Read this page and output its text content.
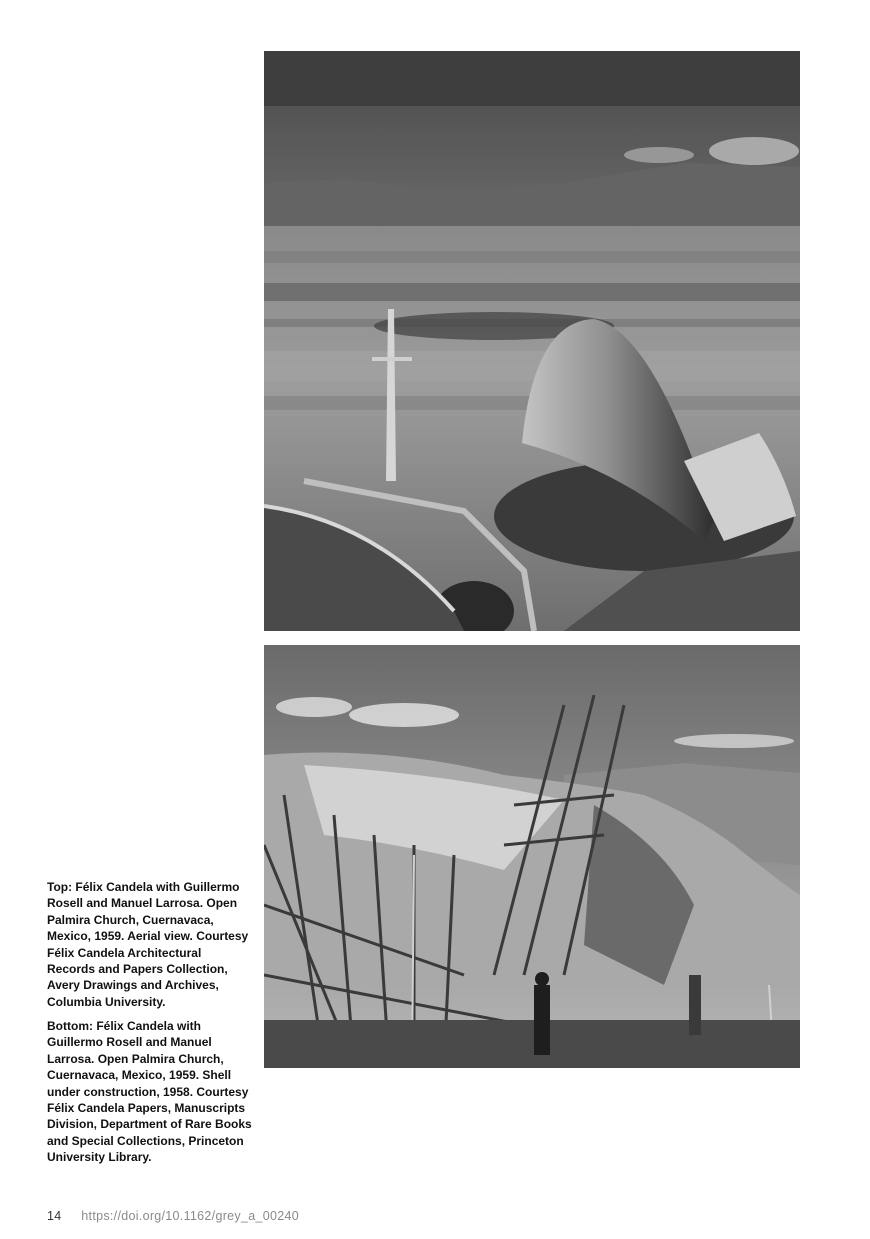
Top: Félix Candela with Guillermo Rosell and Manuel Larrosa. Open Palmira Church, Cuernavaca, Mexico, 1959. Aerial view. Courtesy Félix Candela Architectural Records and Papers Collection, Avery Drawings and Archives, Columbia University.

Bottom: Félix Candela with Guillermo Rosell and Manuel Larrosa. Open Palmira Church, Cuernavaca, Mexico, 1959. Shell under construction, 1958. Courtesy Félix Candela Papers, Manuscripts Division, Department of Rare Books and Special Collections, Princeton University Library.

14 https://doi.org/10.1162/grey_a_00240
